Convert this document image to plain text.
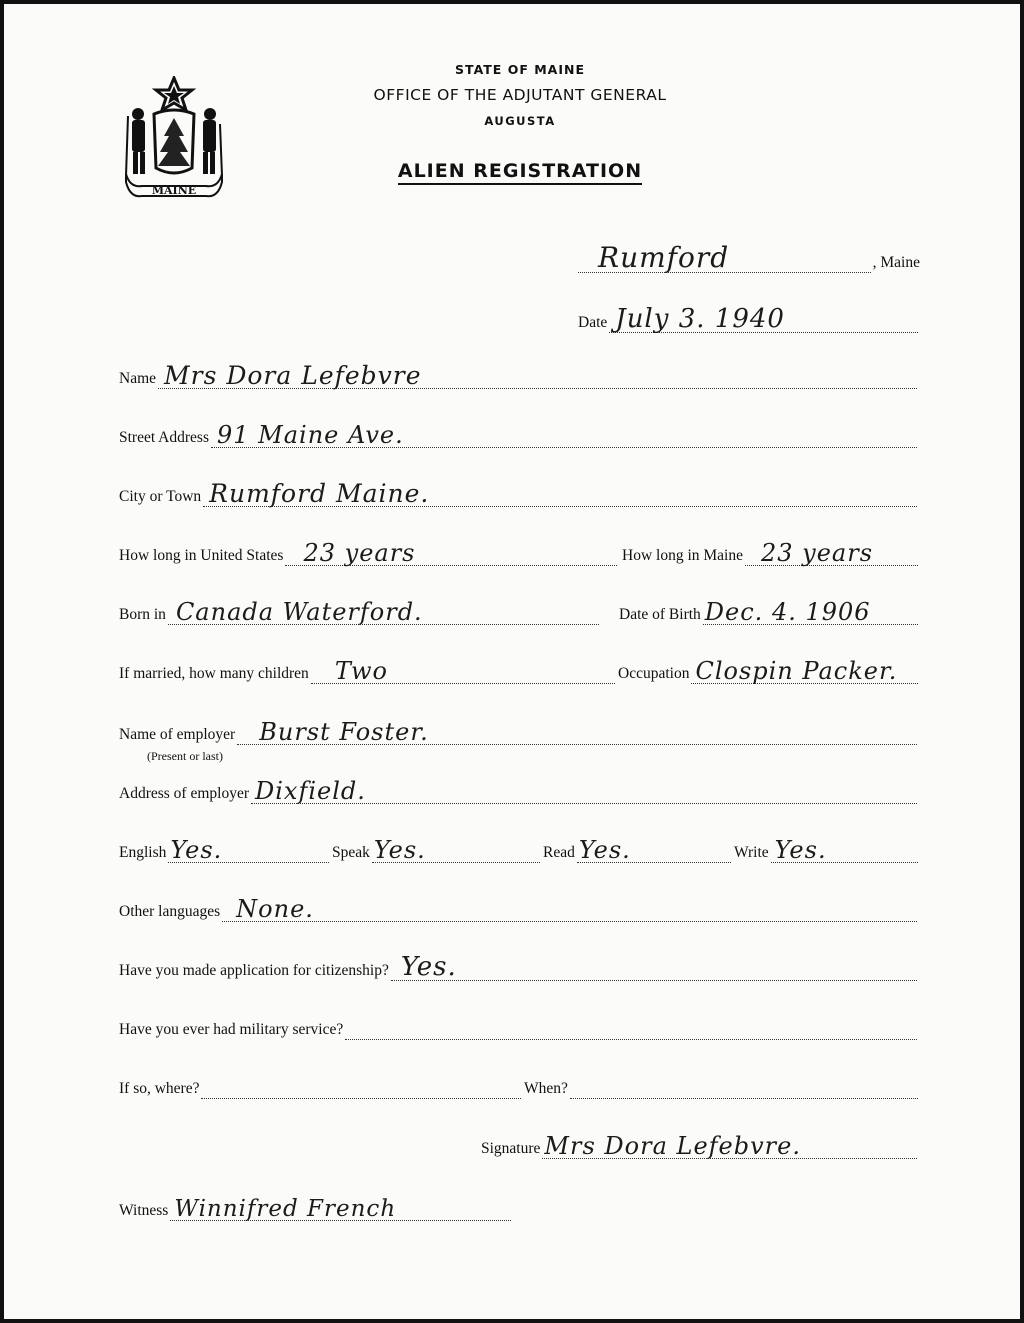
MAINE
STATE OF MAINE
OFFICE OF THE ADJUTANT GENERAL
AUGUSTA
ALIEN REGISTRATION
Rumford	, Maine
Date July 3. 1940
Name Mrs Dora Lefebvre
Street Address 91 Maine Ave.
City or Town Rumford Maine.
How long in United States 23 years	How long in Maine 23 years
Born in Canada Waterford.	Date of Birth Dec. 4. 1906
If married, how many children Two	Occupation Clospin Packer.
Name of employer Burst Foster.
(Present or last)
Address of employer Dixfield.
English Yes.	Speak Yes.	Read Yes.	Write Yes.
Other languages None.
Have you made application for citizenship? Yes.
Have you ever had military service?
If so, where?	When?
Signature Mrs Dora Lefebvre.
Witness Winnifred French
